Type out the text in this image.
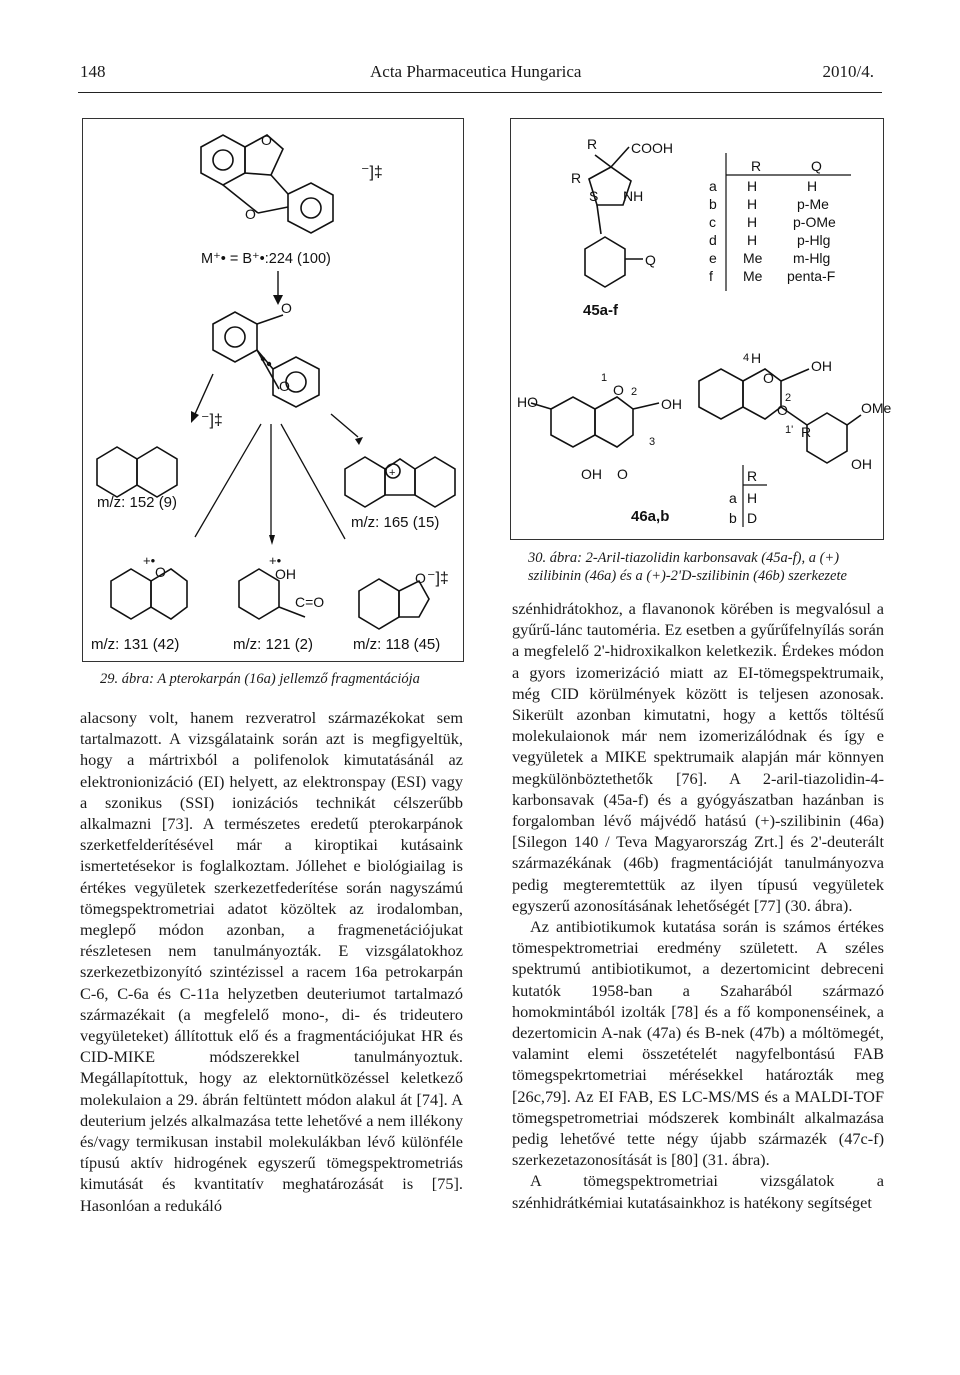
148	Acta Pharmaceutica Hungarica	2010/4.
O
O
⁻]‡
M⁺• = B⁺•:224 (100)
O
O
⁻]‡
m/z: 152 (9)
+
m/z: 165 (15)
O
+•	+•
OH
C=O
O ⁻]‡
m/z: 131 (42)	m/z: 121 (2)	m/z: 118 (45)
29. ábra: A pterokarpán (16a) jellemző fragmentációja

alacsony volt, hanem rezveratrol származékokat sem tartalmazott. A vizsgálataink során azt is megfigyeltük, hogy a mártrixból a polifenolok kimutatásánál az elektronionizáció (EI) helyett, az elektronspay (ESI) vagy a szonikus (SSI) ionizációs technikát célszerűbb alkalmazni [73]. A természetes eredetű pterokarpánok szerketfelderítésével már a kiroptikai kutásaink ismertetésekor is foglalkoztam. Jóllehet e biológiailag is értékes vegyületek szerkezetfederítése során nagyszámú tömegspektrometriai adatot közöltek az irodalomban, meglepő módon azonban, a fragmenetációjukat részletesen nem tanulmányozták. E vizsgálatokhoz szerkezetbizonyító szintézissel a racem 16a petrokarpán C-6, C-6a és C-11a helyzetben deuteriumot tartalmazó származékait (a megfelelő mono-, di- és trideutero vegyületeket) állítottuk elő és a fragmentációjukat HR és CID-MIKE módszerekkel tanulmányoztuk. Megállapítottuk, hogy az elektornütközéssel keletkező molekulaion a 29. ábrán feltüntett módon alakul át [74]. A deuterium jelzés alkalmazása tette lehetővé a nem illékony és/vagy termikusan instabil molekulákban lévő különféle típusú aktív hidrogének egyszerű tömegspektrometriás kimutását és kvantitatív meghatározását is [75]. Hasonlóan a redukáló

R
R
COOH
S NH
Q
45a-f
R	Q
a H	H
b H	p-Me
c H	p-OMe
d H	p-Hlg
e Me m-Hlg
f Me penta-F
HO
O 2
OH
OH O
1
3
4 H
O
OH
O
2
1' R
OMe
OH
46a,b
R
a H
b D
30. ábra: 2-Aril-tiazolidin karbonsavak (45a-f), a (+) szilibinin (46a) és a (+)-2'D-szilibinin (46b) szerkezete

szénhidrátokhoz, a flavanonok körében is megvalósul a gyűrű-lánc tautoméria. Ez esetben a gyűrűfelnyílás során a megfelelő 2'-hidroxikalkon keletkezik. Érdekes módon a gyors izomerizáció miatt az EI-tömegspektrumaik, még CID körülmények között is teljesen azonosak. Sikerült azonban kimutatni, hogy a kettős töltésű molekulaionok már nem izomerizálódnak és így e vegyületek a MIKE spektrumaik alapján már könnyen megkülönböztethetők [76]. A 2-aril-tiazolidin-4-karbonsavak (45a-f) és a gyógyászatban hazánban is forgalomban lévő májvédő hatású (+)-szilibinin (46a) [Silegon 140 / Teva Magyarország Zrt.] és 2'-deuterált származékának (46b) fragmentációját tanulmányozva pedig megteremtettük az ilyen típusú vegyületek egyszerű azonosításának lehetőségét [77] (30. ábra).

Az antibiotikumok kutatása során is számos értékes tömespektrometriai eredmény született. A széles spektrumú antibiotikumot, a dezertomicint debreceni kutatók 1958-ban a Szaharából származó homokmintából izolták [78] és a fő komponenséinek, a dezertomicin A-nak (47a) és B-nek (47b) a móltömegét, valamint elemi összetételét nagyfelbontású FAB tömegspekrtometriai mérésekkel határozták meg [26c,79]. Az EI FAB, ES LC-MS/MS és a MALDI-TOF tömegspetrometriai módszerek kombinált alkalmazása pedig lehetővé tette négy újabb származék (47c-f) szerkezetazonosítását is [80] (31. ábra).

A tömegspektrometriai vizsgálatok a szénhidrátkémiai kutatásainkhoz is hatékony segítséget
